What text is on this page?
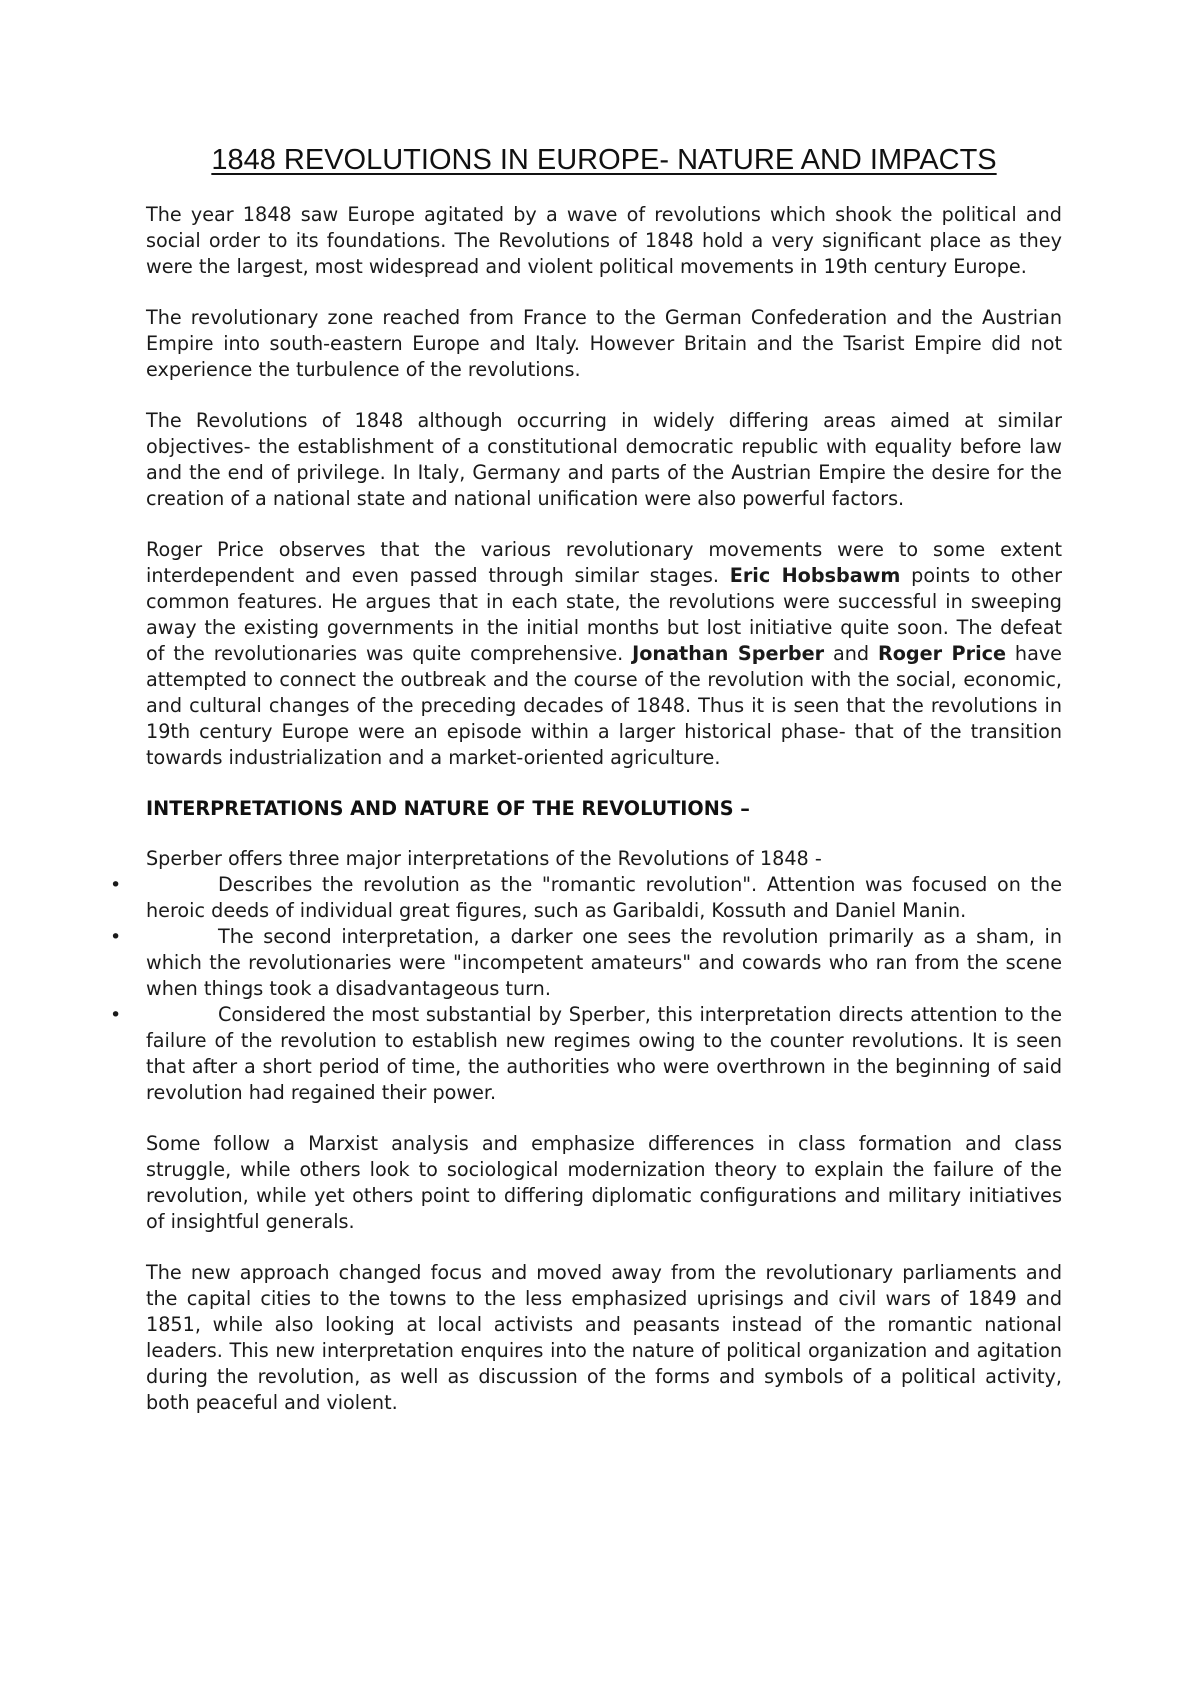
1848 REVOLUTIONS IN EUROPE- NATURE AND IMPACTS

The year 1848 saw Europe agitated by a wave of revolutions which shook the political and social order to its foundations. The Revolutions of 1848 hold a very significant place as they were the largest, most widespread and violent political movements in 19th century Europe.

The revolutionary zone reached from France to the German Confederation and the Austrian Empire into south-eastern Europe and Italy. However Britain and the Tsarist Empire did not experience the turbulence of the revolutions.

The Revolutions of 1848 although occurring in widely differing areas aimed at similar objectives- the establishment of a constitutional democratic republic with equality before law and the end of privilege. In Italy, Germany and parts of the Austrian Empire the desire for the creation of a national state and national unification were also powerful factors.

Roger Price observes that the various revolutionary movements were to some extent interdependent and even passed through similar stages. Eric Hobsbawm points to other common features. He argues that in each state, the revolutions were successful in sweeping away the existing governments in the initial months but lost initiative quite soon. The defeat of the revolutionaries was quite comprehensive. Jonathan Sperber and Roger Price have attempted to connect the outbreak and the course of the revolution with the social, economic, and cultural changes of the preceding decades of 1848. Thus it is seen that the revolutions in 19th century Europe were an episode within a larger historical phase- that of the transition towards industrialization and a market-oriented agriculture.

INTERPRETATIONS AND NATURE OF THE REVOLUTIONS –

Sperber offers three major interpretations of the Revolutions of 1848 -

•	Describes the revolution as the "romantic revolution". Attention was focused on the heroic deeds of individual great figures, such as Garibaldi, Kossuth and Daniel Manin.
•	The second interpretation, a darker one sees the revolution primarily as a sham, in which the revolutionaries were "incompetent amateurs" and cowards who ran from the scene when things took a disadvantageous turn.
•	Considered the most substantial by Sperber, this interpretation directs attention to the failure of the revolution to establish new regimes owing to the counter revolutions. It is seen that after a short period of time, the authorities who were overthrown in the beginning of said revolution had regained their power.

Some follow a Marxist analysis and emphasize differences in class formation and class struggle, while others look to sociological modernization theory to explain the failure of the revolution, while yet others point to differing diplomatic configurations and military initiatives of insightful generals.

The new approach changed focus and moved away from the revolutionary parliaments and the capital cities to the towns to the less emphasized uprisings and civil wars of 1849 and 1851, while also looking at local activists and peasants instead of the romantic national leaders. This new interpretation enquires into the nature of political organization and agitation during the revolution, as well as discussion of the forms and symbols of a political activity, both peaceful and violent.
